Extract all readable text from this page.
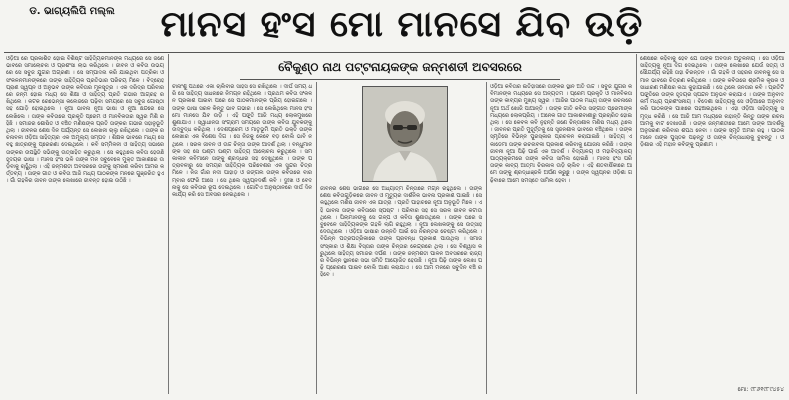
ଡ. ଭାଗ୍ୟଲିପି ମଲ୍ଲ	ମାନସ ହଂସ ମୋ ମାନସେ ଯିବ ଉଡ଼ି
ବୈକୁଣ୍ଠ ନାଥ ପଟ୍ଟନାୟକଙ୍କ ଜନ୍ମଶତୀ ଅବସରରେ
ଓଡ଼ିଆ ରେ ପ୍ରକାଶିତ ହୋଇ ବିଶିଷ୍ଟ ସାହିତ୍ୟିକମାନଙ୍କ ମଧ୍ୟରେ ସେ ଜଣେ ଭାବରେ ସମାଲୋଚନା ଓ ପ୍ରଶଂସା ଲାଭ କରିଥିଲେ । ଜୀବନ ଓ କବିତା ଉଭୟରେ ସେ ସବୁଜ ଯୁଗର ଅଗ୍ରଣୀ । ସେ ସମ୍ପାଦନା କରି ଯାଇଥିବା ପତ୍ରିକା ଓ ସଂକଳନମାନଙ୍କରେ ତାଙ୍କ ସାହିତ୍ୟିକ ପ୍ରତିଭାର ପରିଚୟ ମିଳେ । ବିଦ୍ରୋହ ପ୍ରାଣ ସ୍ୱପ୍ନ ଓ ଅନୁଭବ ତାଙ୍କ କବିତାର ମୂଳସୂତ୍ର । ଏକ ଦରିଦ୍ର ପରିବାରରେ ଜନ୍ମ ହୋଇ ମଧ୍ୟ ସେ ଶିକ୍ଷା ଓ ସାହିତ୍ୟ ପ୍ରତି ଗଭୀର ଆଗ୍ରହ ରଖିଥିଲେ । କଟକ ରେଭେନ୍ସା କଲେଜରେ ପଢ଼ିବା ସମୟରେ ସେ ସବୁଜ ଗୋଷ୍ଠୀ ସହ ଯୋଡ଼ି ହୋଇଥିଲେ । ନୂଆ ଭାବନା ନୂଆ ଭାଷା ଓ ନୂଆ ଛନ୍ଦରେ ସେ ଲେଖିଲେ । ତାଙ୍କ କବିତାରେ ପ୍ରକୃତି ପ୍ରେମ ଓ ମାନବିକତାର ସ୍ୱର ମିଶି ରହିଛି । ସମାଜର ଶୋଷିତ ଓ ବଞ୍ଚିତ ମଣିଷଙ୍କ ପ୍ରତି ତାଙ୍କର ଗଭୀର ସହାନୁଭୂତି ଥିଲା । ଜୀବନର ଶେଷ ଦିନ ପର୍ଯ୍ୟନ୍ତ ସେ ଲେଖନୀ ଚାଲୁ ରଖିଥିଲେ । ତାଙ୍କ ରଚନାବଳୀ ଓଡ଼ିଆ ସାହିତ୍ୟର ଏକ ଅମୂଲ୍ୟ ସମ୍ପଦ । ଶିକ୍ଷକ ଭାବରେ ମଧ୍ୟ ସେ ବହୁ ଛାତ୍ରଙ୍କୁ ପ୍ରେରଣା ଦେଇଥିଲେ । କବି ସମ୍ମିଳନୀ ଓ ସାହିତ୍ୟ ସଭାରେ ତାଙ୍କର ଉପସ୍ଥିତି ସଭିଙ୍କୁ ଉତ୍ସାହିତ କରୁଥିଲା । ସେ କହୁଥିଲେ କବିତା ହେଉଛି ହୃଦୟର ଭାଷା । ମାନସ ହଂସ ଭଳି ତାଙ୍କ ମନ ସବୁବେଳେ ମୁକ୍ତ ଆକାଶରେ ଉଡ଼ିବାକୁ ଚାହୁଁଥିଲା । ଏହି ଜନ୍ମଶତୀ ଅବସରରେ ତାଙ୍କୁ ସ୍ମରଣ କରିବା ଆମର କର୍ତ୍ତବ୍ୟ । ତାଙ୍କ ଗୀତ ଓ କବିତା ଆଜି ମଧ୍ୟ ପାଠକଙ୍କ ମନରେ ଗୁଞ୍ଜରିତ ହୁଏ । ଗାଁ ଗହଳିର ଜୀବନ ତାଙ୍କ ଲେଖାରେ ଜୀବନ୍ତ ହୋଇ ଉଠିଛି ।
ଚୀନାଂଶୁ ପଥରେ ଏକା ଚାଲିବାର ସାହସ ସେ ରଖିଥିଲେ । ଦୀର୍ଘ ସମୟ ଧରି ସେ ସାହିତ୍ୟ ସାଧନାରେ ନିମଗ୍ନ ରହିଥିଲେ । ପ୍ରଥମ କବିତା ସଂକଳନ ପ୍ରକାଶ ପାଇବା ପରେ ସେ ପାଠକମାନଙ୍କ ପ୍ରିୟ ହୋଇଗଲେ । ତାଙ୍କ ଭାଷା ସରଳ କିନ୍ତୁ ଭାବ ଗଭୀର । ସେ ଲେଖିଥିଲେ ମାନସ ହଂସ ମୋ ମାନସେ ଯିବ ଉଡ଼ି । ଏହି ପଙ୍କ୍ତି ଆଜି ମଧ୍ୟ ଲୋକମୁଖରେ ଶୁଣାଯାଏ । ସ୍ୱାଧୀନତା ସଂଗ୍ରାମ ସମୟରେ ତାଙ୍କ କବିତା ଯୁବକଙ୍କୁ ଉଦ୍ବୁଦ୍ଧ କରିଥିଲା । ଦେଶପ୍ରେମ ଓ ମାତୃଭୂମି ପ୍ରତି ଭକ୍ତି ତାଙ୍କ ଲେଖାର ଏକ ବିଶେଷ ଦିଗ । ସେ ନିଜକୁ କେବେ ବଡ଼ ବୋଲି ଭାବି ନଥିଲେ । ସରଳ ଜୀବନ ଓ ଉଚ୍ଚ ଚିନ୍ତା ତାଙ୍କ ଆଦର୍ଶ ଥିଲା । ବନ୍ଧୁମାନଙ୍କ ସହ ସେ ଘଣ୍ଟା ଘଣ୍ଟା ସାହିତ୍ୟ ଆଲୋଚନା କରୁଥିଲେ । ସମକାଳୀନ କବିମାନେ ତାଙ୍କୁ ଶ୍ରଦ୍ଧାର ସହ ଦେଖୁଥିଲେ । ତାଙ୍କ ପତ୍ରାବଳୀରୁ ସେ ସମୟର ସାହିତ୍ୟିକ ପରିବେଶର ଏକ ସୁନ୍ଦର ଚିତ୍ର ମିଳେ । ନିଜ ଗାଁର ନଦୀ ପାହାଡ଼ ଓ ଜଙ୍ଗଲ ତାଙ୍କ କବିତାରେ ବାରମ୍ବାର ଫେରି ଆସେ । ସେ ଥିଲେ ସ୍ୱପ୍ନଦର୍ଶୀ କବି । ଦୁଃଖ ଓ ବେଦନାକୁ ସେ କବିତାର ରୂପ ଦେଇଥିଲେ । ଗୋଟିଏ ଅନୁଷ୍ଠାନରେ ଦୀର୍ଘ ଦିନ କାର୍ଯ୍ୟ କରି ସେ ଅବସର ନେଇଥିଲେ ।
ଜୀବନର ଶେଷ ଭାଗରେ ସେ ଅଧ୍ୟାତ୍ମ ଚିନ୍ତାରେ ମଗ୍ନ ରହୁଥିଲେ । ତାଙ୍କ ଶେଷ କବିତାଗୁଡ଼ିକରେ ଜୀବନ ଓ ମୃତ୍ୟୁର ଦାର୍ଶନିକ ଭାବନା ପ୍ରକାଶ ପାଇଛି । ସେ କହୁଥିଲେ ମଣିଷ ଜୀବନ ଏକ ଯାତ୍ରା । ପ୍ରତି ପାହାଚରେ ନୂଆ ଅନୁଭୂତି ମିଳେ । ଏହି ଭାବନା ତାଙ୍କ କବିତାରେ ସ୍ପଷ୍ଟ । ପରିବାର ସହ ସେ ସରଳ ଜୀବନ କଟାଉଥିଲେ । ପିଲାମାନଙ୍କୁ ସେ ଗଳ୍ପ ଓ କବିତା ଶୁଣାଉଥିଲେ । ତାଙ୍କ ଘରେ ସବୁବେଳେ ସାହିତ୍ୟିକଙ୍କ ଗହଳି ଲାଗି ରହୁଥିଲା । ନୂଆ ଲେଖକଙ୍କୁ ସେ ଉତ୍ସାହ ଦେଉଥିଲେ । ଓଡ଼ିଆ ଭାଷାର ଉନ୍ନତି ପାଇଁ ସେ ନିରନ୍ତର ଚେଷ୍ଟା କରିଥିଲେ । ବିଭିନ୍ନ ପତ୍ରପତ୍ରିକାରେ ତାଙ୍କ ପ୍ରବନ୍ଧ ପ୍ରକାଶ ପାଉଥିଲା । ସମାଜ ସଂସ୍କାର ଓ ଶିକ୍ଷା ବିସ୍ତାର ତାଙ୍କ ଚିନ୍ତାର କେନ୍ଦ୍ରରେ ଥିଲା । ସେ ବିଶ୍ୱାସ କରୁଥିଲେ ସାହିତ୍ୟ ସମାଜର ଦର୍ପଣ । ତାଙ୍କ ଜନ୍ମଶତୀ ପାଳନ ଅବସରରେ ରାଜ୍ୟର ବିଭିନ୍ନ ସ୍ଥାନରେ ସଭା ସମିତି ଆୟୋଜିତ ହେଉଛି । ନୂଆ ପିଢ଼ି ତାଙ୍କ ଲେଖା ପଢ଼ି ପ୍ରେରଣା ପାଇବ ବୋଲି ଆଶା କରାଯାଏ । ସେ ଆମ ମନରେ ସବୁଦିନ ବଞ୍ଚି ରହିବେ ।
ଓଡ଼ିଆ କବିତାର ଇତିହାସରେ ତାଙ୍କର ସ୍ଥାନ ଅତି ଉଚ୍ଚ । ସବୁଜ ଯୁଗର କବିମାନଙ୍କ ମଧ୍ୟରେ ସେ ଅନ୍ୟତମ । ପ୍ରେମ ପ୍ରକୃତି ଓ ମାନବିକତା ତାଙ୍କ କାବ୍ୟର ମୁଖ୍ୟ ସ୍ୱର । ଆଜିର ପାଠକ ମଧ୍ୟ ତାଙ୍କ ରଚନାରେ ନୂଆ ଅର୍ଥ ଖୋଜି ପାଆନ୍ତି । ତାଙ୍କ ଗୀତି କବିତା ସଙ୍ଗୀତ ପ୍ରେମୀଙ୍କ ମଧ୍ୟରେ ଲୋକପ୍ରିୟ । ଅନେକ ଗୀତ ଆକାଶବାଣୀରୁ ପ୍ରଚାରିତ ହୋଇଥିଲା । ସେ କେବଳ କବି ନୁହନ୍ତି ଜଣେ ଚିନ୍ତାଶୀଳ ମଣିଷ ମଧ୍ୟ ଥିଲେ । ଜୀବନର ପ୍ରତି ମୁହୂର୍ତ୍ତକୁ ସେ ସୃଜନଶୀଳ ଭାବରେ ବଞ୍ଚିଥିଲେ । ତାଙ୍କ ସ୍ମୃତିରେ ବିଭିନ୍ନ ପୁରସ୍କାର ପ୍ରଚଳନ କରାଯାଇଛି । ସାହିତ୍ୟ ଏକାଡେମୀ ତାଙ୍କ ରଚନାବଳୀ ପ୍ରକାଶ କରିବାକୁ ଯୋଜନା କରିଛି । ତାଙ୍କ ଜୀବନୀ ନୂଆ ପିଢ଼ି ପାଇଁ ଏକ ଆଦର୍ଶ । ବିଦ୍ୟାଳୟ ଓ ମହାବିଦ୍ୟାଳୟ ପାଠ୍ୟକ୍ରମରେ ତାଙ୍କ କବିତା ସାମିଲ ହୋଇଛି । ମାନସ ହଂସ ପରି ତାଙ୍କ କାବ୍ୟ ଆତ୍ମା ଚିରକାଳ ଉଡ଼ି ଚାଲିବ । ଏହି ଶତବାର୍ଷିକୀରେ ଆମେ ତାଙ୍କୁ ଶ୍ରଦ୍ଧାଞ୍ଜଳି ଅର୍ପଣ କରୁଛୁ । ତାଙ୍କ ସ୍ୱପ୍ନର ଓଡ଼ିଶା ଗଢ଼ିବାରେ ଆମେ ସମସ୍ତେ ସାମିଲ ହେବା ।
ଶେଷରେ କହିବାକୁ ହେବ ଯେ ତାଙ୍କ ଅବଦାନ ଅତୁଳନୀୟ । ସେ ଓଡ଼ିଆ ସାହିତ୍ୟକୁ ନୂଆ ଦିଗ ଦେଇଥିଲେ । ତାଙ୍କ ଲେଖାରେ ଯେଉଁ ସତ୍ୟ ଓ ସୌନ୍ଦର୍ଯ୍ୟ ରହିଛି ତାହା ଚିରନ୍ତନ । ଗାଁ ଗହଳି ଓ ସହରର ଜୀବନକୁ ସେ ସମାନ ଭାବରେ ଚିତ୍ରଣ କରିଥିଲେ । ତାଙ୍କ କବିତାରେ ଶ୍ରମିକ କୃଷକ ଓ ସାଧାରଣ ମଣିଷର କଥା କୁହାଯାଇଛି । ସେ ଥିଲେ ଜନତାର କବି । ପ୍ରତିଟି ପଙ୍କ୍ତିରେ ତାଙ୍କ ହୃଦୟର ସ୍ପନ୍ଦନ ଅନୁଭବ କରାଯାଏ । ତାଙ୍କ ଅନୁବାଦ କର୍ମ ମଧ୍ୟ ପ୍ରଶଂସନୀୟ । ବିଦେଶୀ ସାହିତ୍ୟକୁ ସେ ଓଡ଼ିଆରେ ଅନୁବାଦ କରି ପାଠକଙ୍କ ପାଖରେ ପହଞ୍ଚାଇଥିଲେ । ଏହା ଓଡ଼ିଆ ସାହିତ୍ୟକୁ ସମୃଦ୍ଧ କରିଛି । ସେ ଆଜି ଆମ ମଧ୍ୟରେ ନାହାନ୍ତି କିନ୍ତୁ ତାଙ୍କ ରଚନା ଆମକୁ ବାଟ ଦେଖାଉଛି । ତାଙ୍କ ଜନ୍ମଶତୀରେ ଆମେ ତାଙ୍କ ଆଦର୍ଶକୁ ଅନୁସରଣ କରିବାର ଶପଥ ନେବା । ତାଙ୍କ ସ୍ମୃତି ଅମର ରହୁ । ପାଠକମାନେ ତାଙ୍କ ପୁସ୍ତକ ପଢ଼ନ୍ତୁ ଓ ତାଙ୍କ ଚିନ୍ତାଧାରାକୁ ବୁଝନ୍ତୁ । ଓଡ଼ିଶାର ଏହି ମହାନ କବିଙ୍କୁ ପ୍ରଣାମ ।
ମୋ: ୯୮୬୧୯୮୯୪୫୪
